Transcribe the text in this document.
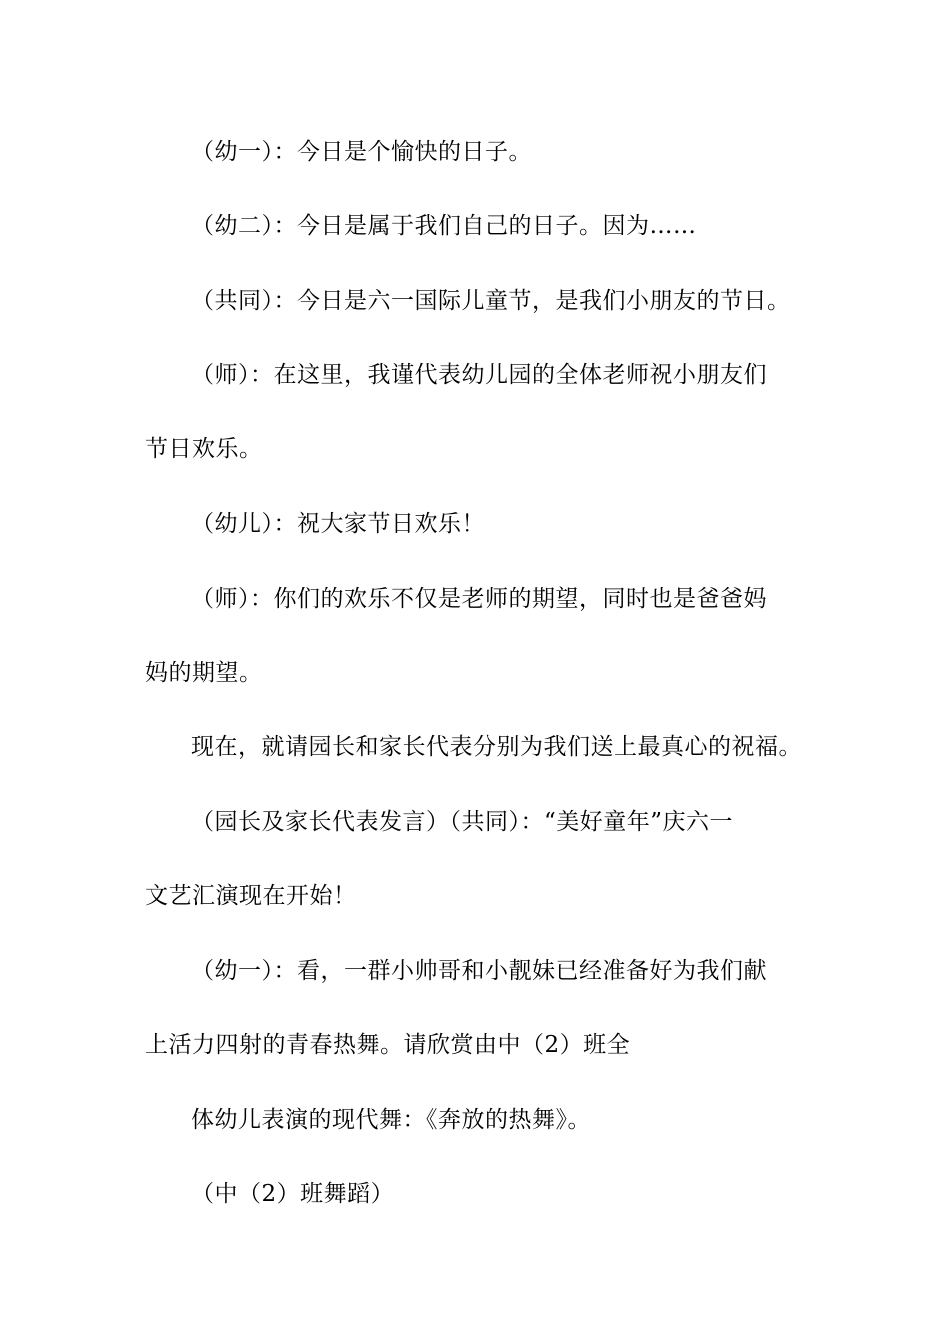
（幼一）：今日是个愉快的日子。
（幼二）：今日是属于我们自己的日子。因为……
（共同）：今日是六一国际儿童节，是我们小朋友的节日。
（师）：在这里，我谨代表幼儿园的全体老师祝小朋友们
节日欢乐。
（幼儿）：祝大家节日欢乐！
（师）：你们的欢乐不仅是老师的期望，同时也是爸爸妈
妈的期望。
现在，就请园长和家长代表分别为我们送上最真心的祝福。
（园长及家长代表发言）（共同）：“美好童年”庆六一
文艺汇演现在开始！
（幼一）：看，一群小帅哥和小靓妹已经准备好为我们献
上活力四射的青春热舞。请欣赏由中（2）班全
体幼儿表演的现代舞：《奔放的热舞》。
（中（2）班舞蹈）
